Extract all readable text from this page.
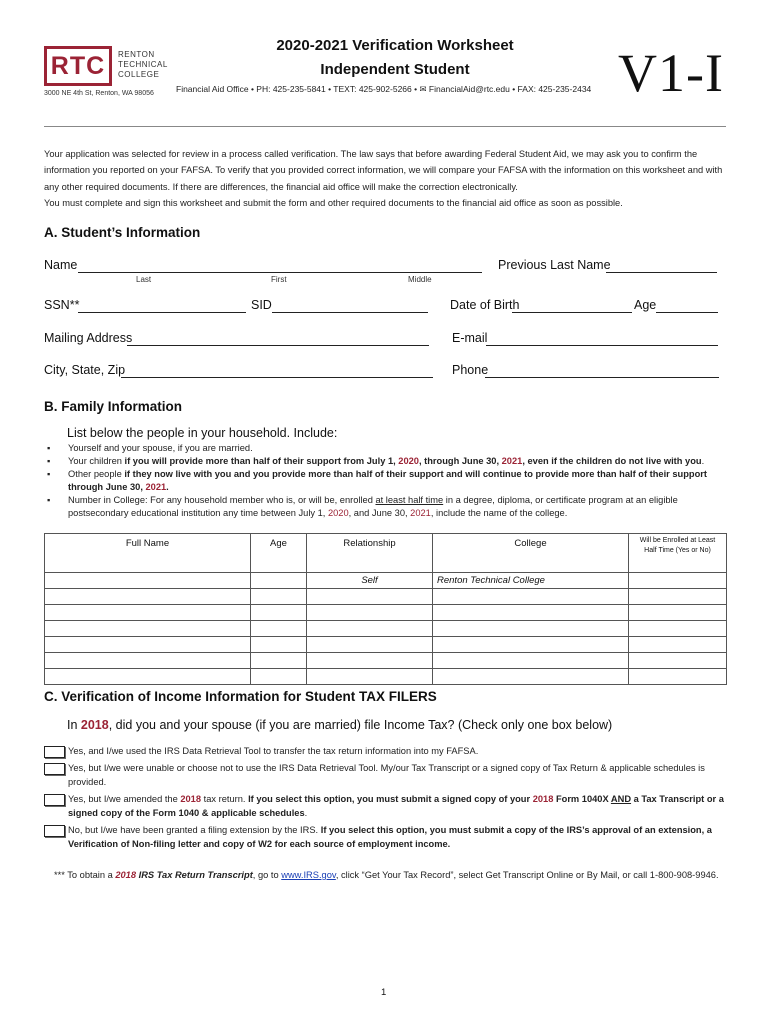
RTC	RENTON
TECHNICAL
COLLEGE
3000 NE 4th St, Renton, WA 98056
2020-2021 Verification Worksheet
Independent Student
Financial Aid Office • PH: 425-235-5841 • TEXT: 425-902-5266 • ✉ FinancialAid@rtc.edu • FAX: 425-235-2434 V1-I
Your application was selected for review in a process called verification. The law says that before awarding Federal Student Aid, we may ask you to confirm the information you reported on your FAFSA. To verify that you provided correct information, we will compare your FAFSA with the information on this worksheet and with any other required documents. If there are differences, the financial aid office will make the correction electronically.
You must complete and sign this worksheet and submit the form and other required documents to the financial aid office as soon as possible.
A. Student’s Information
Name
Last	First	Middle
Previous Last Name
SSN**	SID	Date of Birth	Age
Mailing Address	E-mail
City, State, Zip	Phone
B. Family Information
List below the people in your household. Include:
▪ Yourself and your spouse, if you are married.
▪ Your children if you will provide more than half of their support from July 1, 2020, through June 30, 2021, even if the children do not live with you.
▪ Other people if they now live with you and you provide more than half of their support and will continue to provide more than half of their support through June 30, 2021.
▪ Number in College: For any household member who is, or will be, enrolled at least half time in a degree, diploma, or certificate program at an eligible postsecondary educational institution any time between July 1, 2020, and June 30, 2021, include the name of the college.
Full Name	Age	Relationship	College	Will be Enrolled at Least Half Time (Yes or No)
		Self	Renton Technical College	

C. Verification of Income Information for Student TAX FILERS
In 2018, did you and your spouse (if you are married) file Income Tax? (Check only one box below)
Yes, and I/we used the IRS Data Retrieval Tool to transfer the tax return information into my FAFSA.
Yes, but I/we were unable or choose not to use the IRS Data Retrieval Tool. My/our Tax Transcript or a signed copy of Tax Return & applicable schedules is provided.
Yes, but I/we amended the 2018 tax return. If you select this option, you must submit a signed copy of your 2018 Form 1040X AND a Tax Transcript or a signed copy of the Form 1040 & applicable schedules.
No, but I/we have been granted a filing extension by the IRS. If you select this option, you must submit a copy of the IRS’s approval of an extension, a Verification of Non-filing letter and copy of W2 for each source of employment income.
*** To obtain a 2018 IRS Tax Return Transcript, go to www.IRS.gov, click “Get Your Tax Record”, select Get Transcript Online or By Mail, or call 1-800-908-9946.
1
